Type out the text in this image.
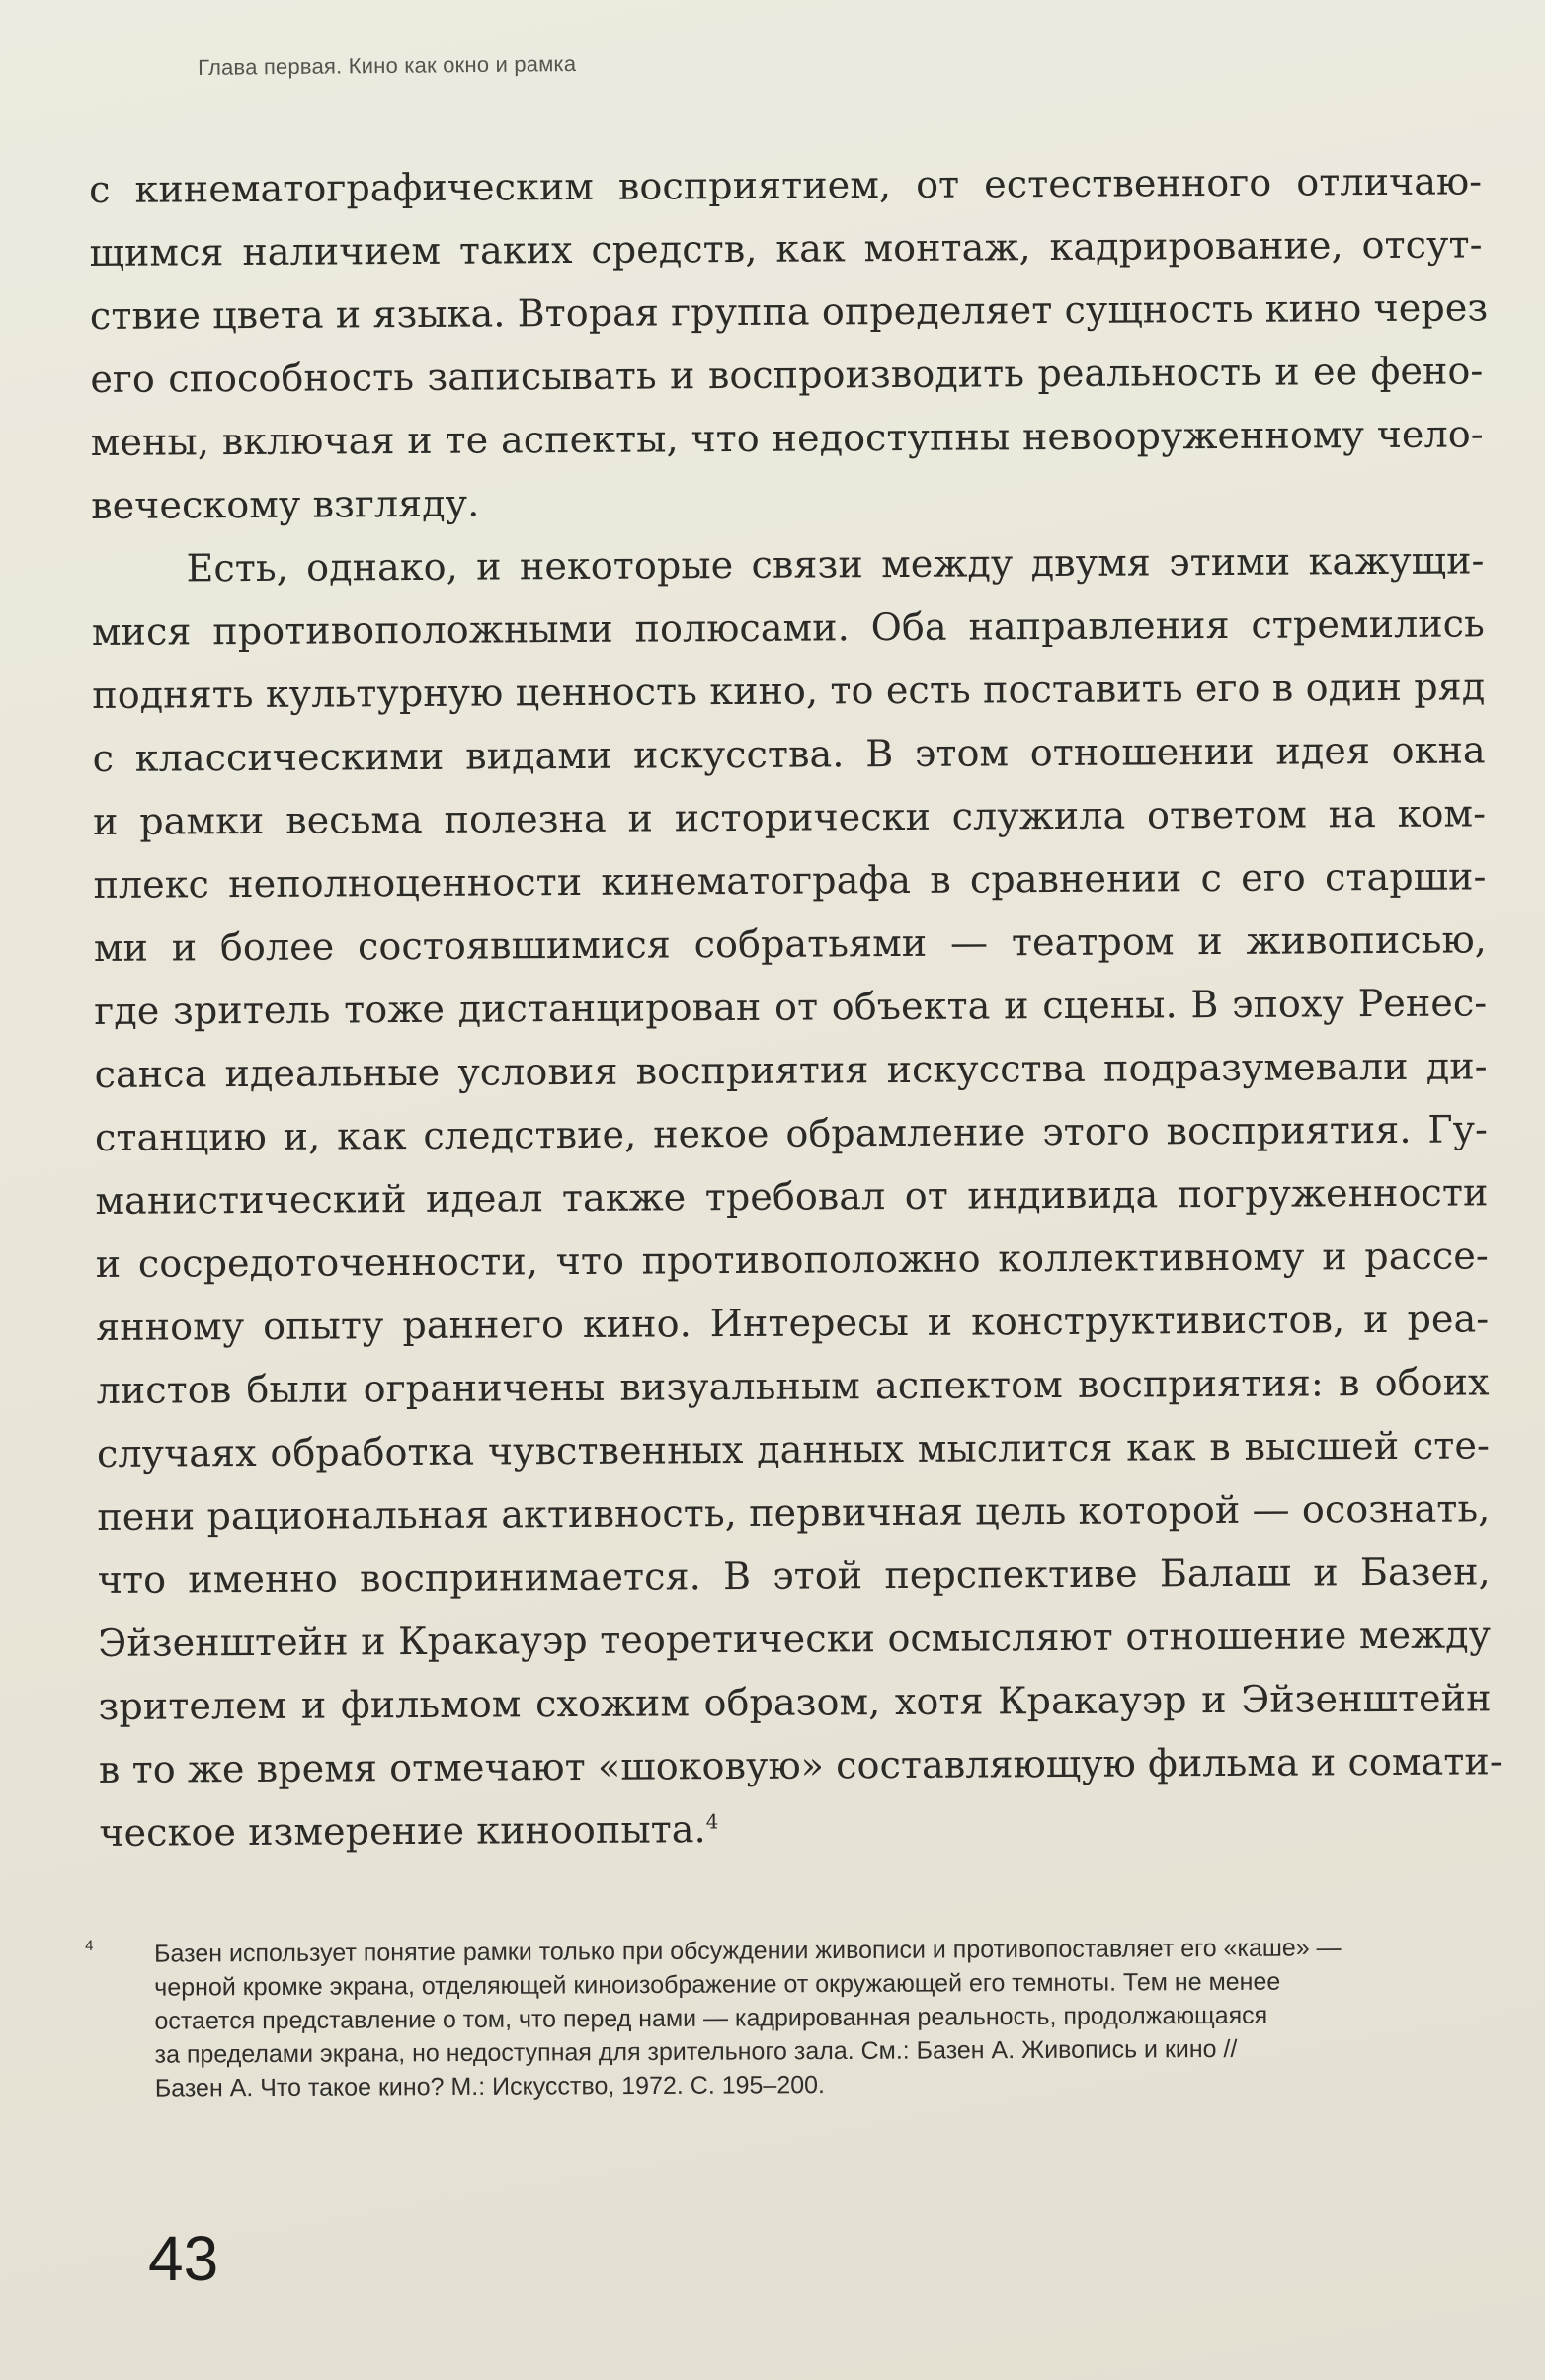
Глава первая. Кино как окно и рамка
с кинематографическим восприятием, от естественного отличаю-
щимся наличием таких средств, как монтаж, кадрирование, отсут-
ствие цвета и языка. Вторая группа определяет сущность кино через
его способность записывать и воспроизводить реальность и ее фено-
мены, включая и те аспекты, что недоступны невооруженному чело-
веческому взгляду.
Есть, однако, и некоторые связи между двумя этими кажущи-
мися противоположными полюсами. Оба направления стремились
поднять культурную ценность кино, то есть поставить его в один ряд
с классическими видами искусства. В этом отношении идея окна
и рамки весьма полезна и исторически служила ответом на ком-
плекс неполноценности кинематографа в сравнении с его старши-
ми и более состоявшимися собратьями — театром и живописью,
где зритель тоже дистанцирован от объекта и сцены. В эпоху Ренес-
санса идеальные условия восприятия искусства подразумевали ди-
станцию и, как следствие, некое обрамление этого восприятия. Гу-
манистический идеал также требовал от индивида погруженности
и сосредоточенности, что противоположно коллективному и рассе-
янному опыту раннего кино. Интересы и конструктивистов, и реа-
листов были ограничены визуальным аспектом восприятия: в обоих
случаях обработка чувственных данных мыслится как в высшей сте-
пени рациональная активность, первичная цель которой — осознать,
что именно воспринимается. В этой перспективе Балаш и Базен,
Эйзенштейн и Кракауэр теоретически осмысляют отношение между
зрителем и фильмом схожим образом, хотя Кракауэр и Эйзенштейн
в то же время отмечают «шоковую» составляющую фильма и сомати-
ческое измерение киноопыта.$^4$
4 Базен использует понятие рамки только при обсуждении живописи и противопоставляет его «каше» —
черной кромке экрана, отделяющей киноизображение от окружающей его темноты. Тем не менее
остается представление о том, что перед нами — кадрированная реальность, продолжающаяся
за пределами экрана, но недоступная для зрительного зала. См.: Базен А. Живопись и кино //
Базен А. Что такое кино? М.: Искусство, 1972. С. 195–200.
43
